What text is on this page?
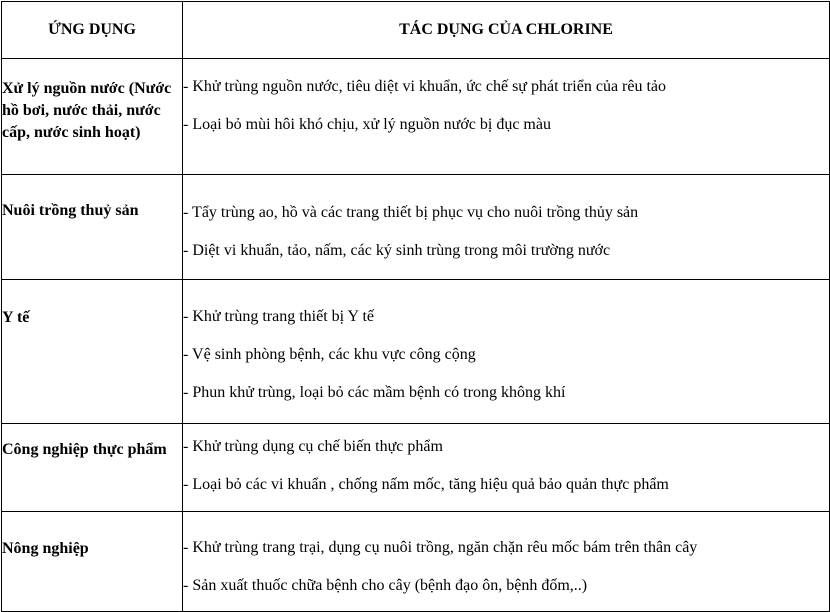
ỨNG DỤNG	TÁC DỤNG CỦA CHLORINE
Xử lý nguồn nước (Nước hồ bơi, nước thải, nước cấp, nước sinh hoạt)	- Khử trùng nguồn nước, tiêu diệt vi khuẩn, ức chế sự phát triển của rêu tảo
- Loại bỏ mùi hôi khó chịu, xử lý nguồn nước bị đục màu

Nuôi trồng thuỷ sản	- Tẩy trùng ao, hồ và các trang thiết bị phục vụ cho nuôi trồng thủy sản
- Diệt vi khuẩn, tảo, nấm, các ký sinh trùng trong môi trường nước

Y tế	- Khử trùng trang thiết bị Y tế
- Vệ sinh phòng bệnh, các khu vực công cộng
- Phun khử trùng, loại bỏ các mầm bệnh có trong không khí

Công nghiệp thực phẩm	- Khử trùng dụng cụ chế biến thực phẩm
- Loại bỏ các vi khuẩn , chống nấm mốc, tăng hiệu quả bảo quản thực phẩm

Nông nghiệp	- Khử trùng trang trại, dụng cụ nuôi trồng, ngăn chặn rêu mốc bám trên thân cây
- Sản xuất thuốc chữa bệnh cho cây (bệnh đạo ôn, bệnh đốm,..)
